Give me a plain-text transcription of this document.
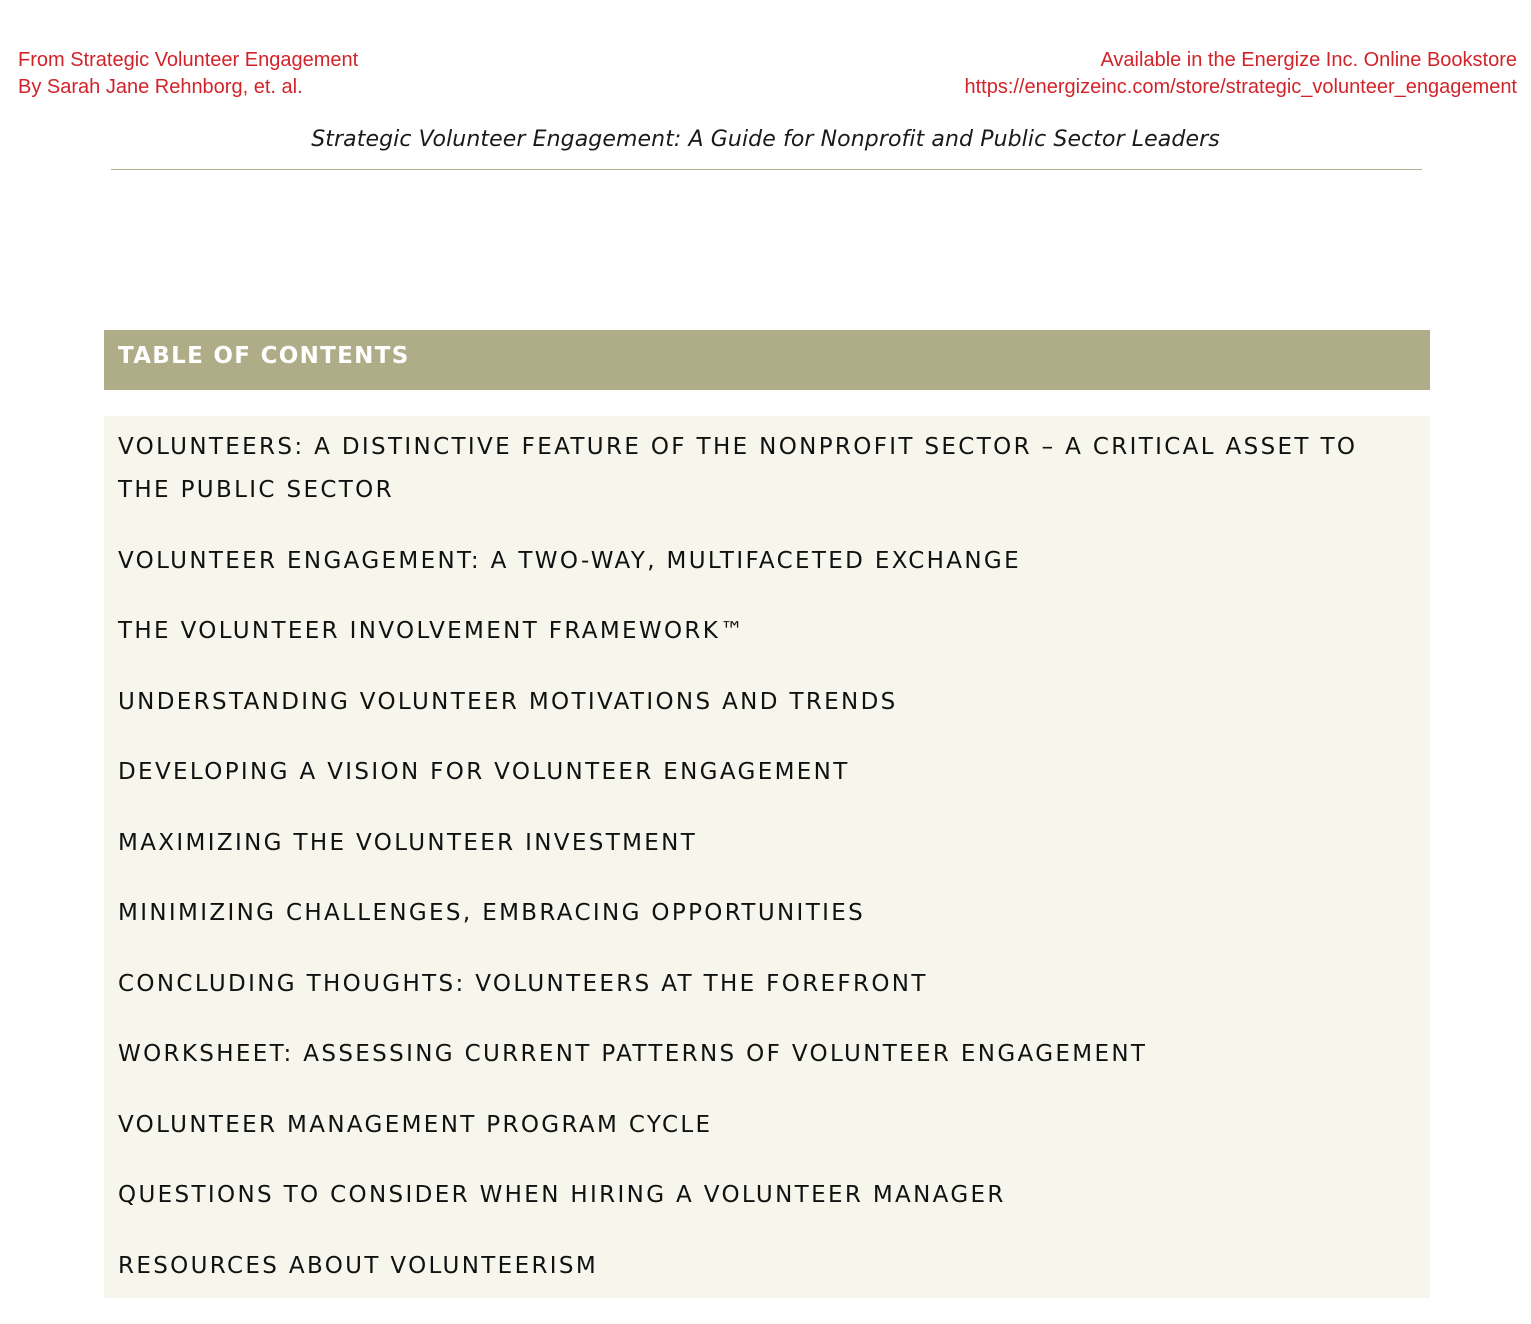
From Strategic Volunteer Engagement
By Sarah Jane Rehnborg, et. al.
Available in the Energize Inc. Online Bookstore
https://energizeinc.com/store/strategic_volunteer_engagement
Strategic Volunteer Engagement: A Guide for Nonprofit and Public Sector Leaders
TABLE OF CONTENTS
VOLUNTEERS: A DISTINCTIVE FEATURE OF THE NONPROFIT SECTOR – A CRITICAL ASSET TO THE PUBLIC SECTOR
VOLUNTEER ENGAGEMENT: A TWO-WAY, MULTIFACETED EXCHANGE
THE VOLUNTEER INVOLVEMENT FRAMEWORK™
UNDERSTANDING VOLUNTEER MOTIVATIONS AND TRENDS
DEVELOPING A VISION FOR VOLUNTEER ENGAGEMENT
MAXIMIZING THE VOLUNTEER INVESTMENT
MINIMIZING CHALLENGES, EMBRACING OPPORTUNITIES
CONCLUDING THOUGHTS: VOLUNTEERS AT THE FOREFRONT
WORKSHEET: ASSESSING CURRENT PATTERNS OF VOLUNTEER ENGAGEMENT
VOLUNTEER MANAGEMENT PROGRAM CYCLE
QUESTIONS TO CONSIDER WHEN HIRING A VOLUNTEER MANAGER
RESOURCES ABOUT VOLUNTEERISM
